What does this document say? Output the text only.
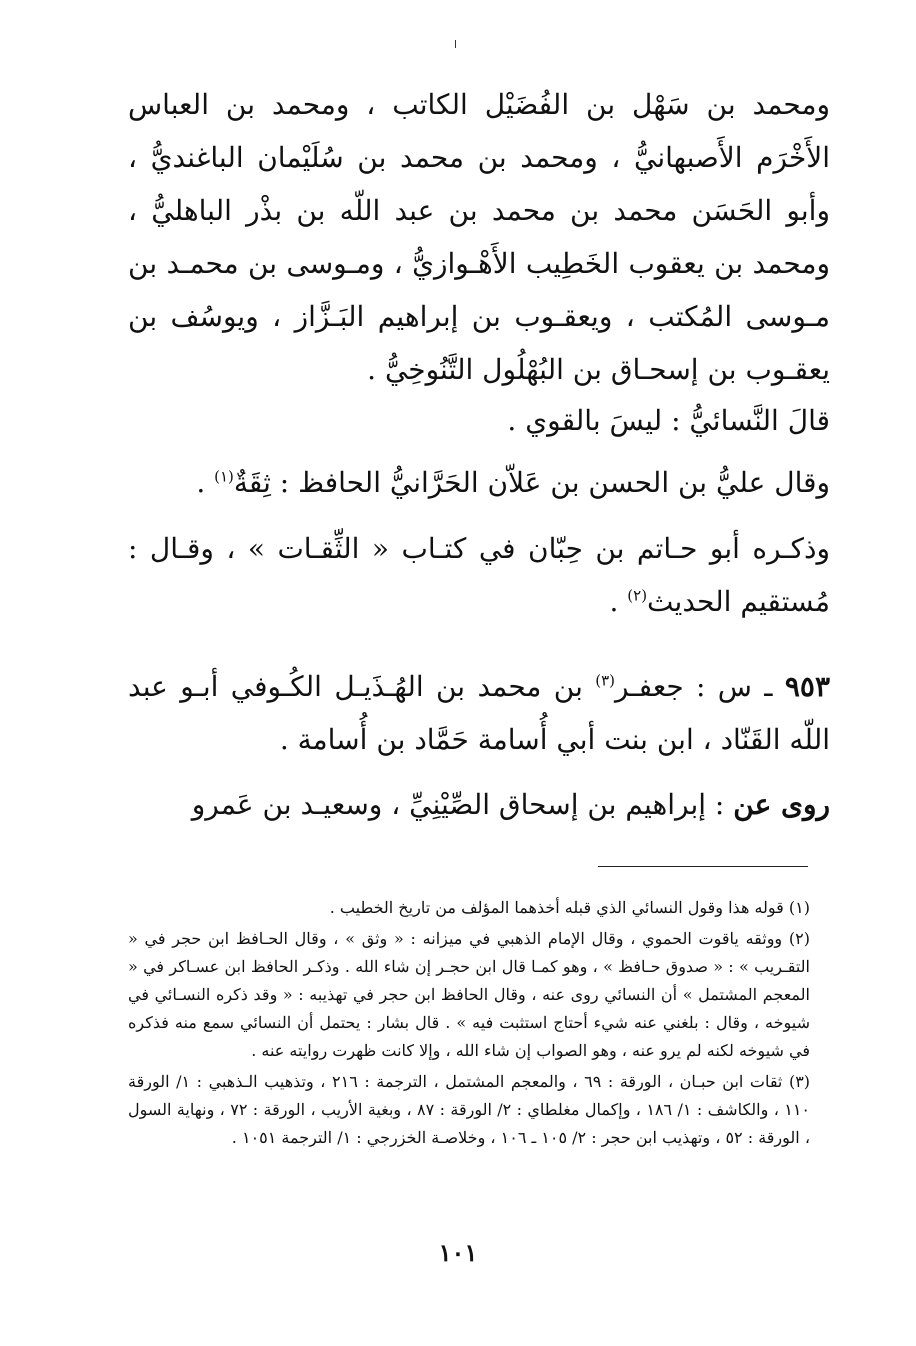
ومحمد بن سَهْل بن الفُضَيْل الكاتب ، ومحمد بن العباس الأَخْرَم الأَصبهانيُّ ، ومحمد بن محمد بن سُلَيْمان الباغنديُّ ، وأبو الحَسَن محمد بن محمد بن عبد اللّه بن بذْر الباهليُّ ، ومحمد بن يعقوب الخَطِيب الأَهْـوازيُّ ، ومـوسى بن محمـد بن مـوسى المُكتب ، ويعقـوب بن إبراهيم البَـزَّاز ، ويوسُف بن يعقـوب بن إسحـاق بن البُهْلُول التَّنُوخِيُّ .

قالَ النَّسائيُّ : ليسَ بالقوي .

وقال عليُّ بن الحسن بن عَلاّن الحَرَّانيُّ الحافظ : ثِقَةٌ$^{(١)}$ .

وذكـره أبو حـاتم بن حِبّان في كتـاب « الثِّقـات » ، وقـال : مُستقيم الحديث$^{(٢)}$ .

٩٥٣ ـ س : جعفـر$^{(٣)}$ بن محمد بن الهُـذَيـل الكُـوفي أبـو عبد اللّه القَنّاد ، ابن بنت أبي أُسامة حَمَّاد بن أُسامة .

روى عن : إبراهيم بن إسحاق الصِّيْنِيِّ ، وسعيـد بن عَمرو

(١) قوله هذا وقول النسائي الذي قبله أخذهما المؤلف من تاريخ الخطيب .

(٢) ووثقه ياقوت الحموي ، وقال الإمام الذهبي في ميزانه : « وثق » ، وقال الحـافظ ابن حجر في « التقـريب » : « صدوق حـافظ » ، وهو كمـا قال ابن حجـر إن شاء الله . وذكـر الحافظ ابن عسـاكر في « المعجم المشتمل » أن النسائي روى عنه ، وقال الحافظ ابن حجر في تهذيبه : « وقد ذكره النسـائي في شيوخه ، وقال : بلغني عنه شيء أحتاج استثبت فيه » . قال بشار : يحتمل أن النسائي سمع منه فذكره في شيوخه لكنه لم يرو عنه ، وهو الصواب إن شاء الله ، وإلا كانت ظهرت روايته عنه .

(٣) ثقات ابن حبـان ، الورقة : ٦٩ ، والمعجم المشتمل ، الترجمة : ٢١٦ ، وتذهيب الـذهبي : ١/ الورقة ١١٠ ، والكاشف : ١/ ١٨٦ ، وإكمال مغلطاي : ٢/ الورقة : ٨٧ ، وبغية الأريب ، الورقة : ٧٢ ، ونهاية السول ، الورقة : ٥٢ ، وتهذيب ابن حجر : ٢/ ١٠٥ ـ ١٠٦ ، وخلاصـة الخزرجي : ١/ الترجمة ١٠٥١ .

١٠١
